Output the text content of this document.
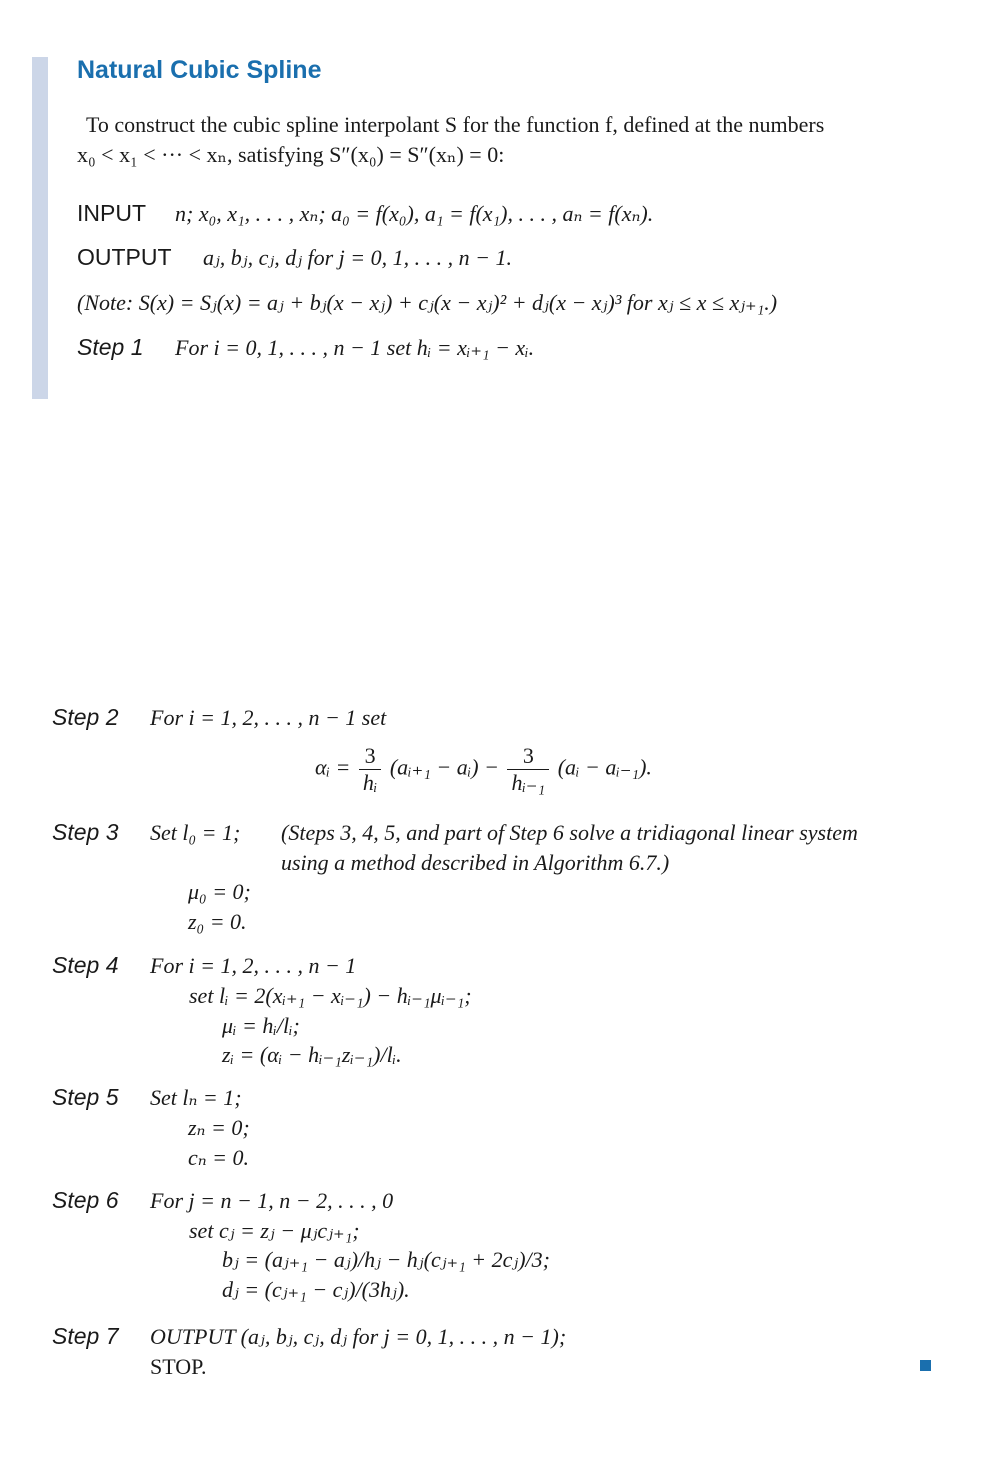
Natural Cubic Spline
To construct the cubic spline interpolant S for the function f, defined at the numbers
x₀ < x₁ < ··· < xₙ, satisfying S″(x₀) = S″(xₙ) = 0:
INPUT n; x₀, x₁, . . . , xₙ; a₀ = f(x₀), a₁ = f(x₁), . . . , aₙ = f(xₙ).
OUTPUT aⱼ, bⱼ, cⱼ, dⱼ for j = 0, 1, . . . , n − 1.
(Note: S(x) = Sⱼ(x) = aⱼ + bⱼ(x − xⱼ) + cⱼ(x − xⱼ)² + dⱼ(x − xⱼ)³ for xⱼ ≤ x ≤ xⱼ₊₁.)
Step 1 For i = 0, 1, . . . , n − 1 set hᵢ = xᵢ₊₁ − xᵢ.
Step 2 For i = 1, 2, . . . , n − 1 set
αᵢ = $\frac{3}{\text{hᵢ}}$ (aᵢ₊₁ − aᵢ) − $\frac{3}{\text{hᵢ₋₁}}$ (aᵢ − aᵢ₋₁).
Step 3 Set l₀ = 1; (Steps 3, 4, 5, and part of Step 6 solve a tridiagonal linear system
using a method described in Algorithm 6.7.)
μ₀ = 0;
z₀ = 0.
Step 4 For i = 1, 2, . . . , n − 1
set lᵢ = 2(xᵢ₊₁ − xᵢ₋₁) − hᵢ₋₁μᵢ₋₁;
μᵢ = hᵢ/lᵢ;
zᵢ = (αᵢ − hᵢ₋₁zᵢ₋₁)/lᵢ.
Step 5 Set lₙ = 1;
zₙ = 0;
cₙ = 0.
Step 6 For j = n − 1, n − 2, . . . , 0
set cⱼ = zⱼ − μⱼcⱼ₊₁;
bⱼ = (aⱼ₊₁ − aⱼ)/hⱼ − hⱼ(cⱼ₊₁ + 2cⱼ)/3;
dⱼ = (cⱼ₊₁ − cⱼ)/(3hⱼ).
Step 7 OUTPUT (aⱼ, bⱼ, cⱼ, dⱼ for j = 0, 1, . . . , n − 1);
STOP.
